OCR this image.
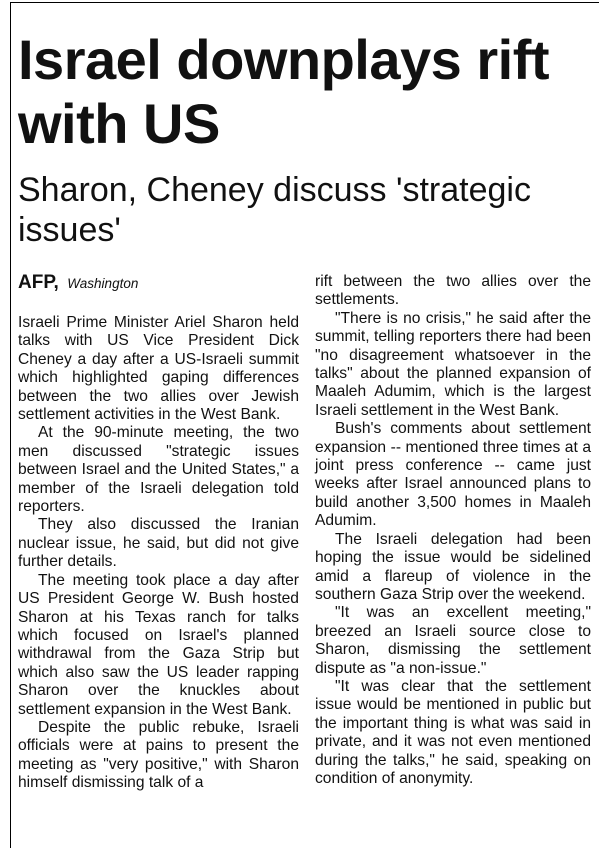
Israel downplays rift with US
Sharon, Cheney discuss 'strategic issues'
AFP, Washington

Israeli Prime Minister Ariel Sharon held talks with US Vice President Dick Cheney a day after a US-Israeli summit which highlighted gaping differences between the two allies over Jewish settlement activities in the West Bank.

At the 90-minute meeting, the two men discussed "strategic issues between Israel and the United States," a member of the Israeli delegation told reporters.

They also discussed the Iranian nuclear issue, he said, but did not give further details.

The meeting took place a day after US President George W. Bush hosted Sharon at his Texas ranch for talks which focused on Israel's planned withdrawal from the Gaza Strip but which also saw the US leader rapping Sharon over the knuckles about settlement expansion in the West Bank.

Despite the public rebuke, Israeli officials were at pains to present the meeting as "very positive," with Sharon himself dismissing talk of a

rift between the two allies over the settlements.

"There is no crisis," he said after the summit, telling reporters there had been "no disagreement whatsoever in the talks" about the planned expansion of Maaleh Adumim, which is the largest Israeli settlement in the West Bank.

Bush's comments about settlement expansion -- mentioned three times at a joint press conference -- came just weeks after Israel announced plans to build another 3,500 homes in Maaleh Adumim.

The Israeli delegation had been hoping the issue would be sidelined amid a flareup of violence in the southern Gaza Strip over the weekend.

"It was an excellent meeting," breezed an Israeli source close to Sharon, dismissing the settlement dispute as "a non-issue."

"It was clear that the settlement issue would be mentioned in public but the important thing is what was said in private, and it was not even mentioned during the talks," he said, speaking on condition of anonymity.
